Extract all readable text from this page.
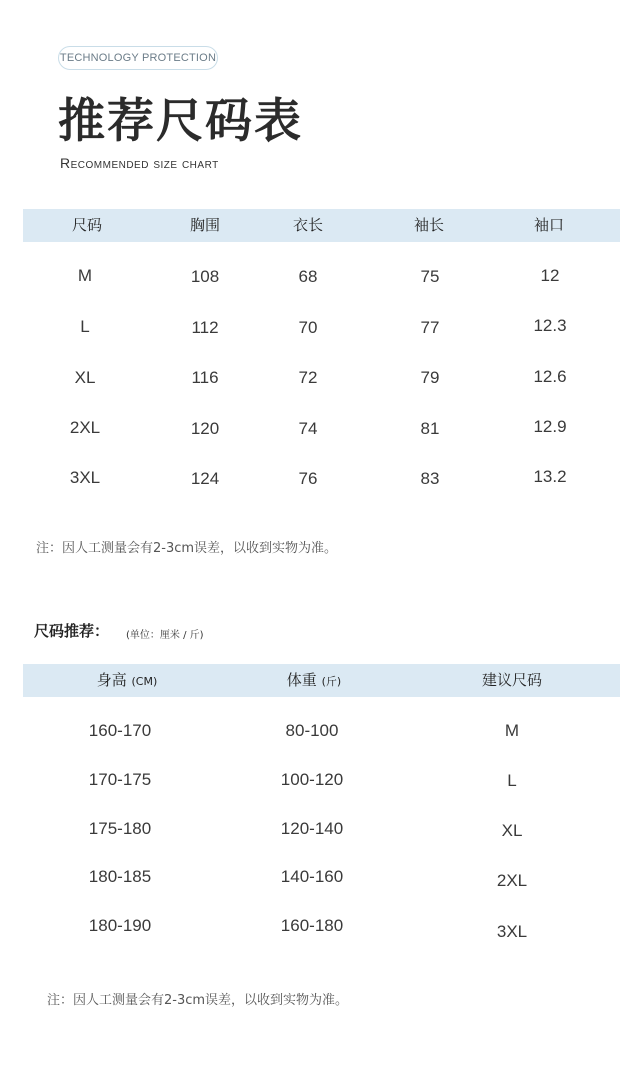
TECHNOLOGY PROTECTION
推荐尺码表
Recommended size chart
尺码	胸围	衣长	袖长	袖口
M	108	68	75	12
L	112	70	77	12.3
XL	116	72	79	12.6
2XL	120	74	81	12.9
3XL	124	76	83	13.2
注：因人工测量会有2-3cm误差，以收到实物为准。
尺码推荐： (单位：厘米 / 斤)
身高 (CM)	体重 (斤)	建议尺码
160-170	80-100	M
170-175	100-120	L
175-180	120-140	XL
180-185	140-160	2XL
180-190	160-180	3XL
注：因人工测量会有2-3cm误差，以收到实物为准。
